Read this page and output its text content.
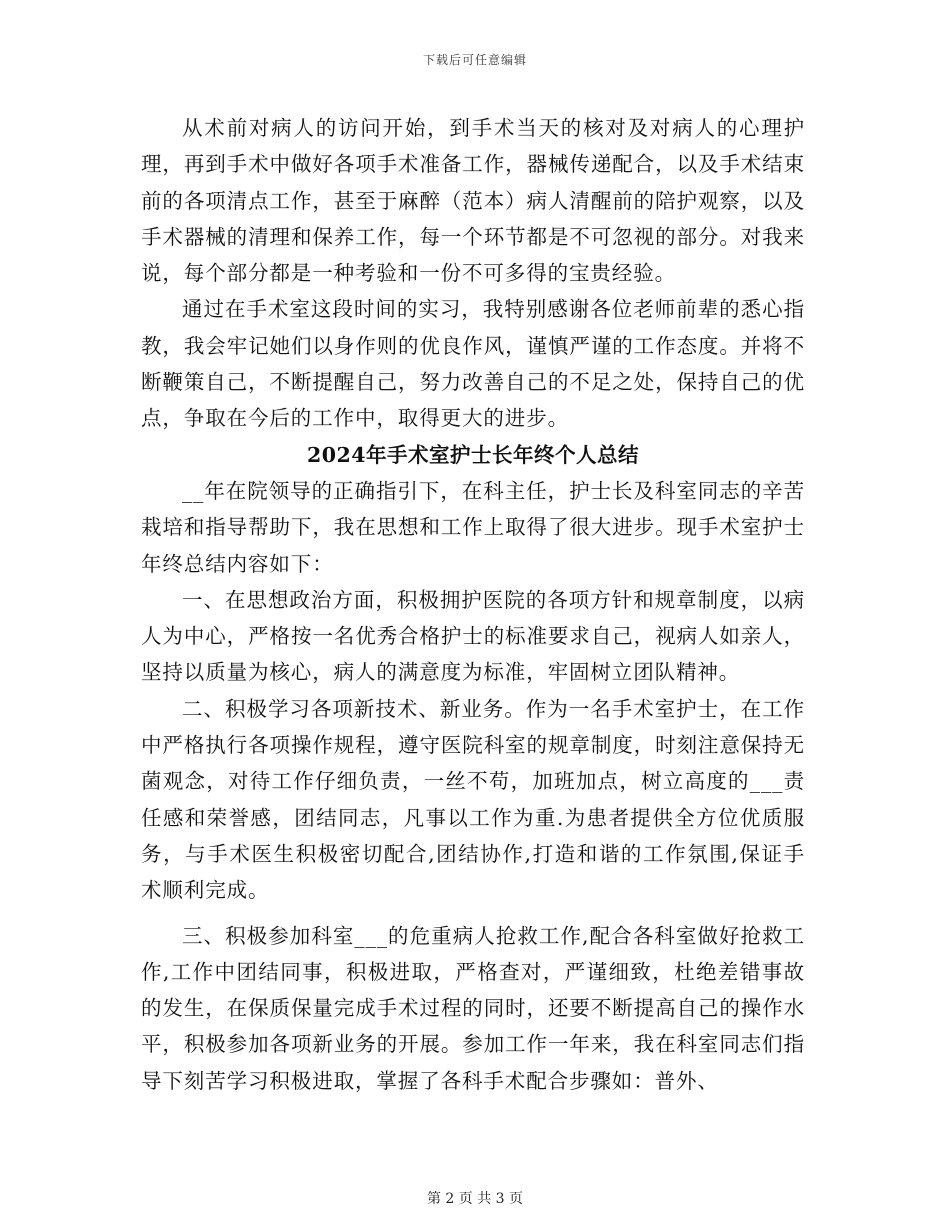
下载后可任意编辑

从术前对病人的访问开始，到手术当天的核对及对病人的心理护理，再到手术中做好各项手术准备工作，器械传递配合，以及手术结束前的各项清点工作，甚至于麻醉（范本）病人清醒前的陪护观察，以及手术器械的清理和保养工作，每一个环节都是不可忽视的部分。对我来说，每个部分都是一种考验和一份不可多得的宝贵经验。

通过在手术室这段时间的实习，我特别感谢各位老师前辈的悉心指教，我会牢记她们以身作则的优良作风，谨慎严谨的工作态度。并将不断鞭策自己，不断提醒自己，努力改善自己的不足之处，保持自己的优点，争取在今后的工作中，取得更大的进步。

2024年手术室护士长年终个人总结

__年在院领导的正确指引下，在科主任，护士长及科室同志的辛苦栽培和指导帮助下，我在思想和工作上取得了很大进步。现手术室护士年终总结内容如下：

一、在思想政治方面，积极拥护医院的各项方针和规章制度，以病人为中心，严格按一名优秀合格护士的标准要求自己，视病人如亲人，坚持以质量为核心，病人的满意度为标准，牢固树立团队精神。

二、积极学习各项新技术、新业务。作为一名手术室护士，在工作中严格执行各项操作规程，遵守医院科室的规章制度，时刻注意保持无菌观念，对待工作仔细负责，一丝不苟，加班加点，树立高度的___责任感和荣誉感，团结同志，凡事以工作为重.为患者提供全方位优质服务，与手术医生积极密切配合,团结协作,打造和谐的工作氛围,保证手术顺利完成。

三、积极参加科室___的危重病人抢救工作,配合各科室做好抢救工作,工作中团结同事，积极进取，严格查对，严谨细致，杜绝差错事故的发生，在保质保量完成手术过程的同时，还要不断提高自己的操作水平，积极参加各项新业务的开展。参加工作一年来，我在科室同志们指导下刻苦学习积极进取，掌握了各科手术配合步骤如：普外、

第 2 页 共 3 页
